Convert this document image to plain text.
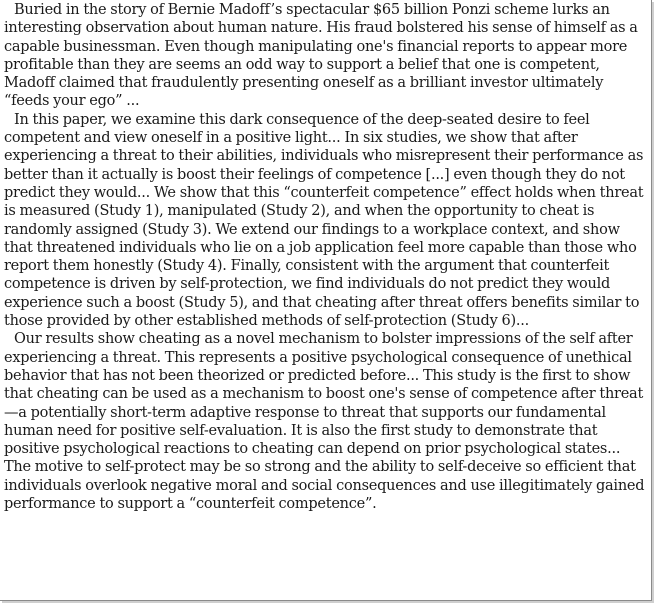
Buried in the story of Bernie Madoff’s spectacular $65 billion Ponzi scheme lurks an interesting observation about human nature. His fraud bolstered his sense of himself as a capable businessman. Even though manipulating one's financial reports to appear more profitable than they are seems an odd way to support a belief that one is competent, Madoff claimed that fraudulently presenting oneself as a brilliant investor ultimately “feeds your ego” ...

In this paper, we examine this dark consequence of the deep-seated desire to feel competent and view oneself in a positive light... In six studies, we show that after experiencing a threat to their abilities, individuals who misrepresent their performance as better than it actually is boost their feelings of competence [...] even though they do not predict they would... We show that this “counterfeit competence” effect holds when threat is measured (Study 1), manipulated (Study 2), and when the opportunity to cheat is randomly assigned (Study 3). We extend our findings to a workplace context, and show that threatened individuals who lie on a job application feel more capable than those who report them honestly (Study 4). Finally, consistent with the argument that counterfeit competence is driven by self-protection, we find individuals do not predict they would experience such a boost (Study 5), and that cheating after threat offers benefits similar to those provided by other established methods of self-protection (Study 6)...

Our results show cheating as a novel mechanism to bolster impressions of the self after experiencing a threat. This represents a positive psychological consequence of unethical behavior that has not been theorized or predicted before... This study is the first to show that cheating can be used as a mechanism to boost one's sense of competence after threat—a potentially short-term adaptive response to threat that supports our fundamental human need for positive self-evaluation. It is also the first study to demonstrate that positive psychological reactions to cheating can depend on prior psychological states... The motive to self-protect may be so strong and the ability to self-deceive so efficient that individuals overlook negative moral and social consequences and use illegitimately gained performance to support a “counterfeit competence”.
